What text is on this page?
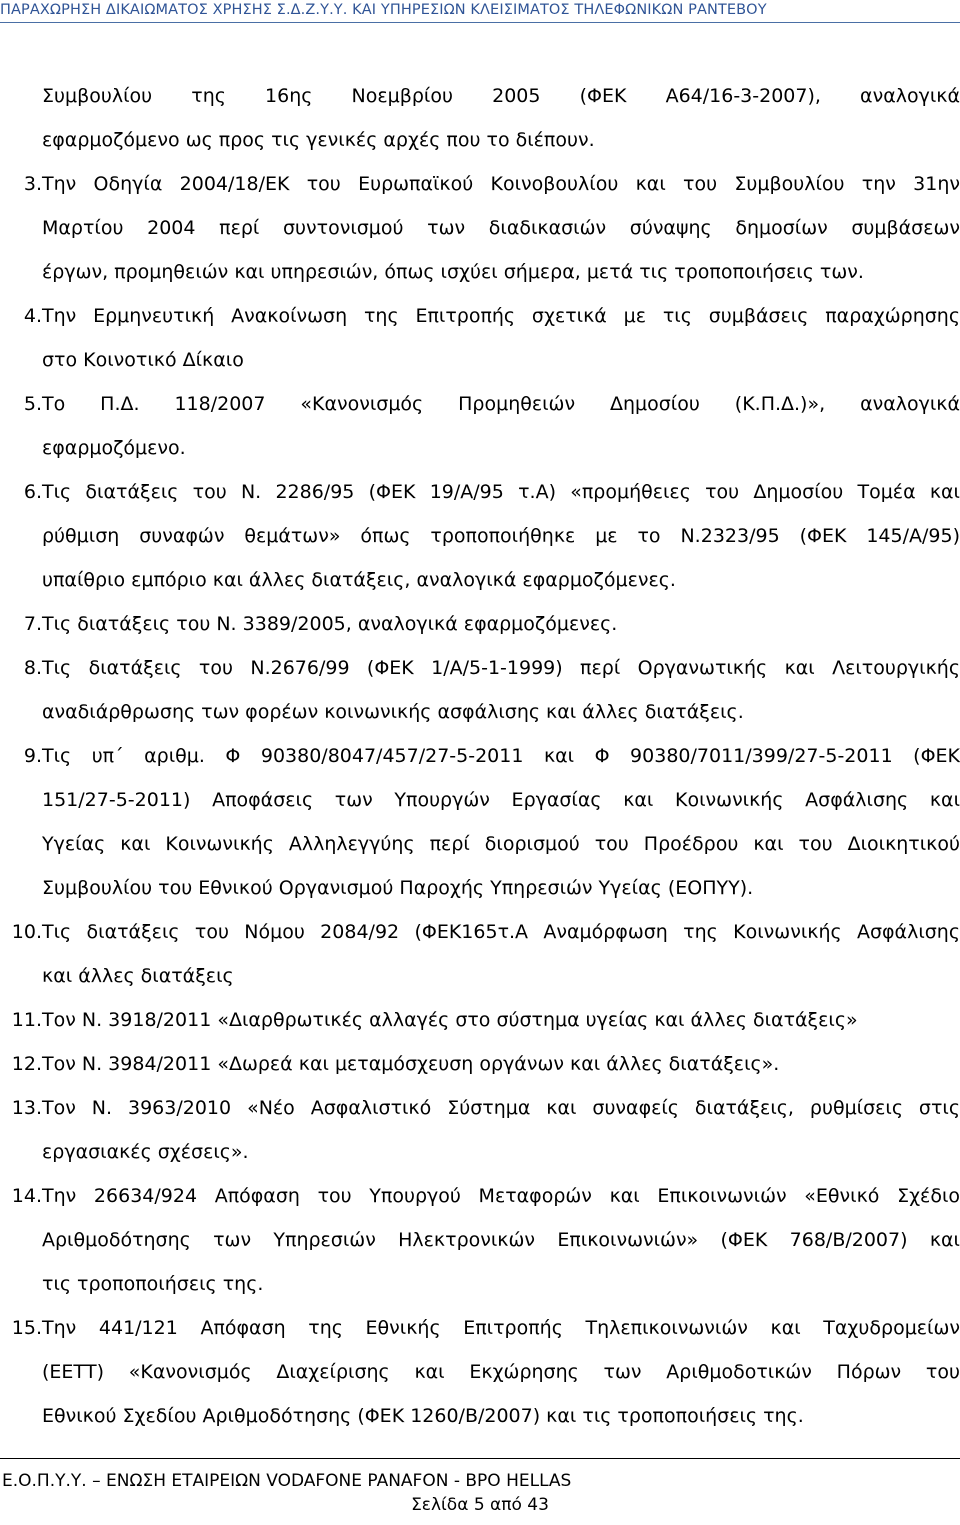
ΠΑΡΑΧΩΡΗΣΗ ΔΙΚΑΙΩΜΑΤΟΣ ΧΡΗΣΗΣ Σ.Δ.Ζ.Υ.Υ. ΚΑΙ ΥΠΗΡΕΣΙΩΝ ΚΛΕΙΣΙΜΑΤΟΣ ΤΗΛΕΦΩΝΙΚΩΝ ΡΑΝΤΕΒΟΥ
Συμβουλίου της 16ης Νοεμβρίου 2005 (ΦΕΚ Α64/16-3-2007), αναλογικά
εφαρμοζόμενο ως προς τις γενικές αρχές που το διέπουν.
3. Την Οδηγία 2004/18/ΕΚ του Ευρωπαϊκού Κοινοβουλίου και του Συμβουλίου την 31ην
Μαρτίου 2004 περί συντονισμού των διαδικασιών σύναψης δημοσίων συμβάσεων
έργων, προμηθειών και υπηρεσιών, όπως ισχύει σήμερα, μετά τις τροποποιήσεις των.
4. Την Ερμηνευτική Ανακοίνωση της Επιτροπής σχετικά με τις συμβάσεις παραχώρησης
στο Κοινοτικό Δίκαιο
5. Το Π.Δ. 118/2007 «Κανονισμός Προμηθειών Δημοσίου (Κ.Π.Δ.)», αναλογικά
εφαρμοζόμενο.
6. Τις διατάξεις του Ν. 2286/95 (ΦΕΚ 19/Α/95 τ.Α) «προμήθειες του Δημοσίου Τομέα και
ρύθμιση συναφών θεμάτων» όπως τροποποιήθηκε με το Ν.2323/95 (ΦΕΚ 145/Α/95)
υπαίθριο εμπόριο και άλλες διατάξεις, αναλογικά εφαρμοζόμενες.
7. Τις διατάξεις του Ν. 3389/2005, αναλογικά εφαρμοζόμενες.
8. Τις διατάξεις του Ν.2676/99 (ΦΕΚ 1/Α/5-1-1999) περί Οργανωτικής και Λειτουργικής
αναδιάρθρωσης των φορέων κοινωνικής ασφάλισης και άλλες διατάξεις.
9. Τις υπ΄ αριθμ. Φ 90380/8047/457/27-5-2011 και Φ 90380/7011/399/27-5-2011 (ΦΕΚ
151/27-5-2011) Αποφάσεις των Υπουργών Εργασίας και Κοινωνικής Ασφάλισης και
Υγείας και Κοινωνικής Αλληλεγγύης περί διορισμού του Προέδρου και του Διοικητικού
Συμβουλίου του Εθνικού Οργανισμού Παροχής Υπηρεσιών Υγείας (ΕΟΠΥΥ).
10. Τις διατάξεις του Νόμου 2084/92 (ΦΕΚ165τ.Α Αναμόρφωση της Κοινωνικής Ασφάλισης
και άλλες διατάξεις
11. Τον Ν. 3918/2011 «Διαρθρωτικές αλλαγές στο σύστημα υγείας και άλλες διατάξεις»
12. Τον Ν. 3984/2011 «Δωρεά και μεταμόσχευση οργάνων και άλλες διατάξεις».
13. Τον Ν. 3963/2010 «Νέο Ασφαλιστικό Σύστημα και συναφείς διατάξεις, ρυθμίσεις στις
εργασιακές σχέσεις».
14. Την 26634/924 Απόφαση του Υπουργού Μεταφορών και Επικοινωνιών «Εθνικό Σχέδιο
Αριθμοδότησης των Υπηρεσιών Ηλεκτρονικών Επικοινωνιών» (ΦΕΚ 768/Β/2007) και
τις τροποποιήσεις της.
15. Την 441/121 Απόφαση της Εθνικής Επιτροπής Τηλεπικοινωνιών και Ταχυδρομείων
(ΕΕΤΤ) «Κανονισμός Διαχείρισης και Εκχώρησης των Αριθμοδοτικών Πόρων του
Εθνικού Σχεδίου Αριθμοδότησης (ΦΕΚ 1260/Β/2007) και τις τροποποιήσεις της.
Ε.Ο.Π.Υ.Υ. – ΕΝΩΣΗ ΕΤΑΙΡΕΙΩΝ VODAFONE PANAFON - BPO HELLAS
Σελίδα 5 από 43
